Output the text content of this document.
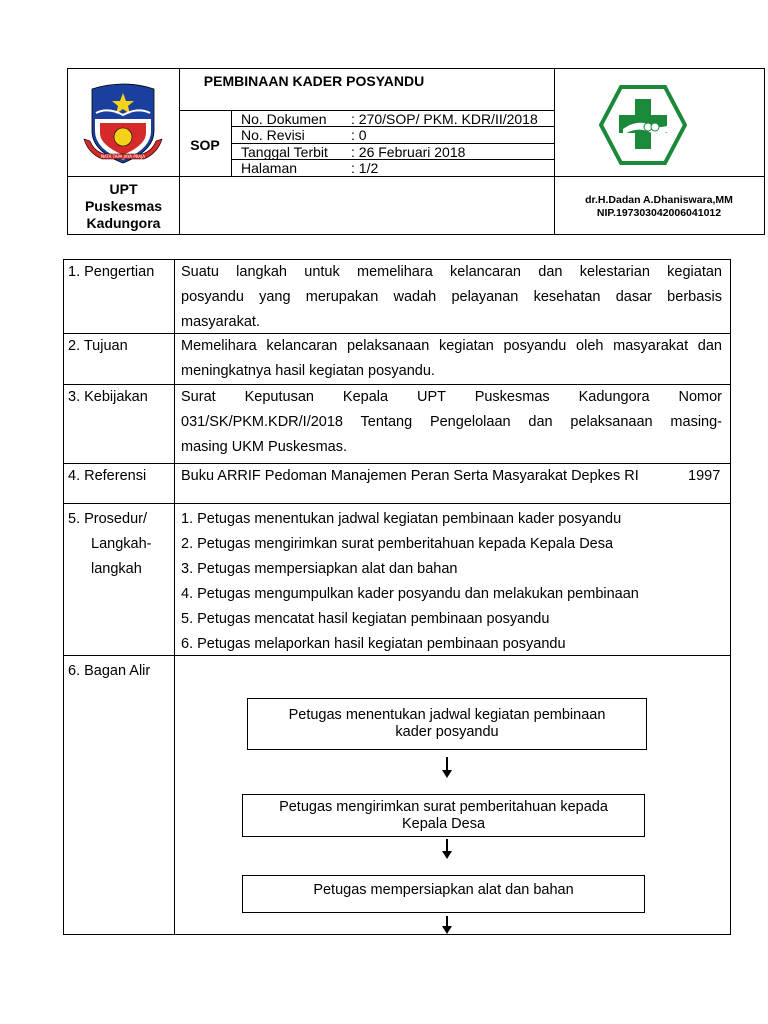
NATA TAPA JAYA PRAJA
PEMBINAAN KADER POSYANDU
SOP
No. Dokumen : 270/SOP/ PKM. KDR/II/2018
No. Revisi	: 0
Tanggal Terbit : 26 Februari 2018
Halaman	: 1/2
UPT
Puskesmas
Kadungora
dr.H.Dadan A.Dhaniswara,MM
NIP.197303042006041012
1. Pengertian Suatu langkah untuk memelihara kelancaran dan kelestarian kegiatan
posyandu yang merupakan wadah pelayanan kesehatan dasar berbasis
masyarakat.
2. Tujuan	Memelihara kelancaran pelaksanaan kegiatan posyandu oleh masyarakat dan
meningkatnya hasil kegiatan posyandu.
3. Kebijakan Surat Keputusan Kepala UPT Puskesmas Kadungora Nomor
031/SK/PKM.KDR/I/2018 Tentang Pengelolaan dan pelaksanaan masing-
masing UKM Puskesmas.
4. Referensi Buku ARRIF Pedoman Manajemen Peran Serta Masyarakat Depkes RI	1997
5. Prosedur/
Langkah-
langkah
1. Petugas menentukan jadwal kegiatan pembinaan kader posyandu
2. Petugas mengirimkan surat pemberitahuan kepada Kepala Desa
3. Petugas mempersiapkan alat dan bahan
4. Petugas mengumpulkan kader posyandu dan melakukan pembinaan
5. Petugas mencatat hasil kegiatan pembinaan posyandu
6. Petugas melaporkan hasil kegiatan pembinaan posyandu
6. Bagan Alir
Petugas menentukan jadwal kegiatan pembinaan
kader posyandu
Petugas mengirimkan surat pemberitahuan kepada
Kepala Desa
Petugas mempersiapkan alat dan bahan
